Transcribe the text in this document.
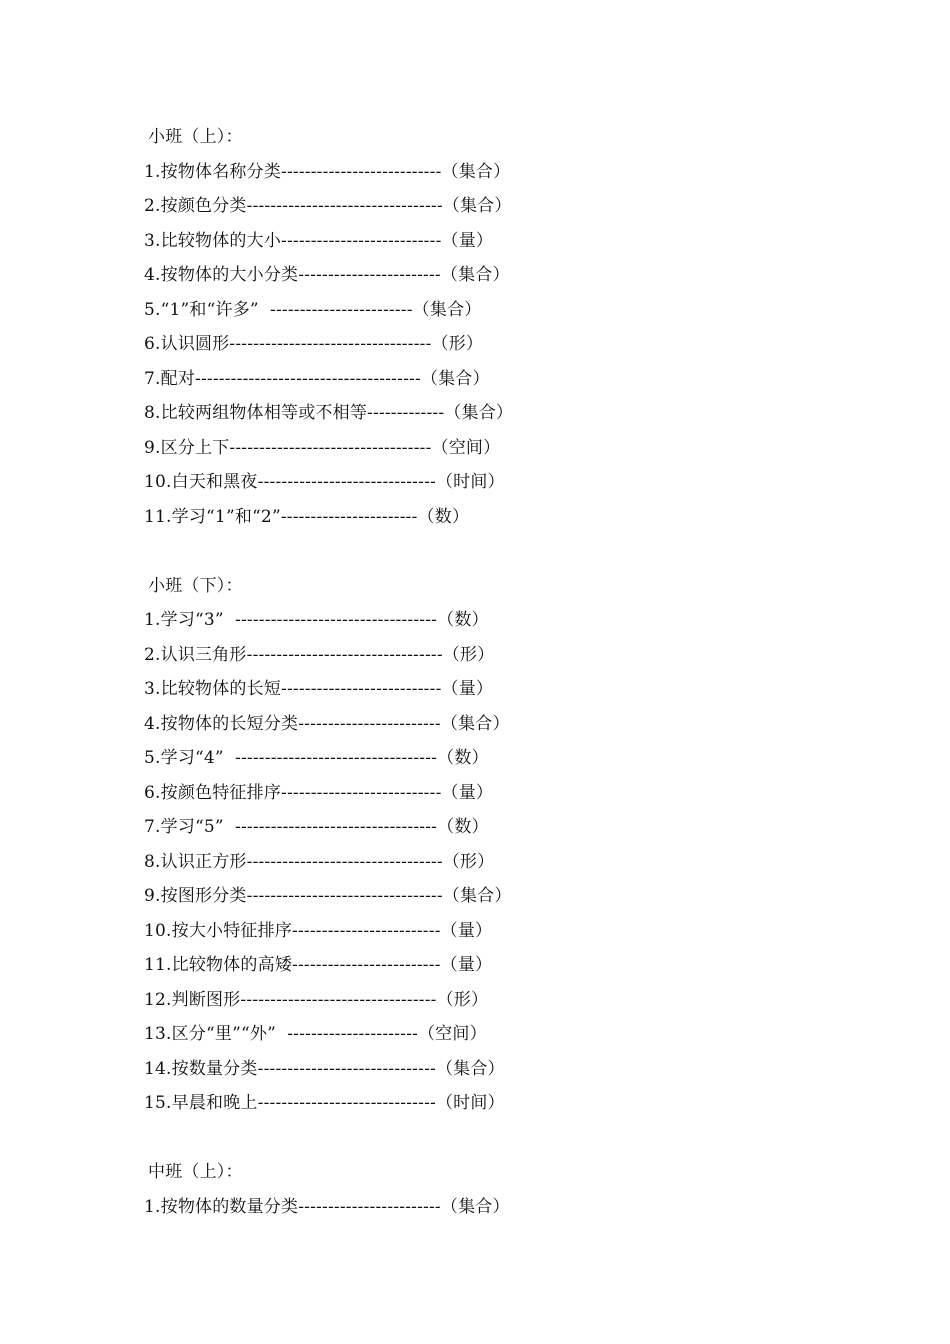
小班（上）：
1.按物体名称分类---------------------------（集合）
2.按颜色分类---------------------------------（集合）
3.比较物体的大小---------------------------（量）
4.按物体的大小分类------------------------（集合）
5.“1”和“许多”  ------------------------（集合）
6.认识圆形----------------------------------（形）
7.配对--------------------------------------（集合）
8.比较两组物体相等或不相等-------------（集合）
9.区分上下----------------------------------（空间）
10.白天和黑夜------------------------------（时间）
11.学习“1”和“2”-----------------------（数）
小班（下）：
1.学习“3”  ----------------------------------（数）
2.认识三角形---------------------------------（形）
3.比较物体的长短---------------------------（量）
4.按物体的长短分类------------------------（集合）
5.学习“4”  ----------------------------------（数）
6.按颜色特征排序---------------------------（量）
7.学习“5”  ----------------------------------（数）
8.认识正方形---------------------------------（形）
9.按图形分类---------------------------------（集合）
10.按大小特征排序-------------------------（量）
11.比较物体的高矮-------------------------（量）
12.判断图形---------------------------------（形）
13.区分“里”“外”  ----------------------（空间）
14.按数量分类------------------------------（集合）
15.早晨和晚上------------------------------（时间）
中班（上）：
1.按物体的数量分类------------------------（集合）
